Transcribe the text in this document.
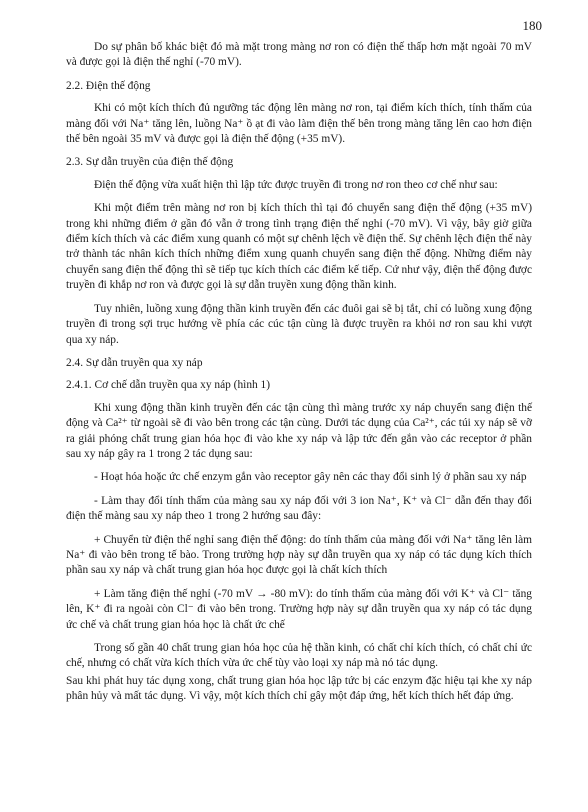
180

Do sự phân bố khác biệt đó mà mặt trong màng nơ ron có điện thế thấp hơn mặt ngoài 70 mV và được gọi là điện thế nghỉ (-70 mV).

2.2. Điện thế động

Khi có một kích thích đủ ngưỡng tác động lên màng nơ ron, tại điểm kích thích, tính thấm của màng đối với Na⁺ tăng lên, luồng Na⁺ ồ ạt đi vào làm điện thế bên trong màng tăng lên cao hơn điện thế bên ngoài 35 mV và được gọi là điện thế động (+35 mV).

2.3. Sự dẫn truyền của điện thế động

Điện thế động vừa xuất hiện thì lập tức được truyền đi trong nơ ron theo cơ chế như sau:

Khi một điểm trên màng nơ ron bị kích thích thì tại đó chuyển sang điện thế động (+35 mV) trong khi những điểm ở gần đó vẫn ở trong tình trạng điện thế nghỉ (-70 mV). Vì vậy, bây giờ giữa điểm kích thích và các điểm xung quanh có một sự chênh lệch về điện thế. Sự chênh lệch điện thế này trở thành tác nhân kích thích những điểm xung quanh chuyển sang điện thế động. Những điểm này chuyển sang điện thế động thì sẽ tiếp tục kích thích các điểm kế tiếp. Cứ như vậy, điện thế động được truyền đi khắp nơ ron và được gọi là sự dẫn truyền xung động thần kinh.

Tuy nhiên, luồng xung động thần kinh truyền đến các đuôi gai sẽ bị tắt, chỉ có luồng xung động truyền đi trong sợi trục hướng về phía các cúc tận cùng là được truyền ra khỏi nơ ron sau khi vượt qua xy náp.

2.4. Sự dẫn truyền qua xy náp

2.4.1. Cơ chế dẫn truyền qua xy náp (hình 1)

Khi xung động thần kinh truyền đến các tận cùng thì màng trước xy náp chuyển sang điện thế động và Ca²⁺ từ ngoài sẽ đi vào bên trong các tận cùng. Dưới tác dụng của Ca²⁺, các túi xy náp sẽ vỡ ra giải phóng chất trung gian hóa học đi vào khe xy náp và lập tức đến gắn vào các receptor ở phần sau xy náp gây ra 1 trong 2 tác dụng sau:

- Hoạt hóa hoặc ức chế enzym gắn vào receptor gây nên các thay đổi sinh lý ở phần sau xy náp

- Làm thay đổi tính thấm của màng sau xy náp đối với 3 ion Na⁺, K⁺ và Cl⁻ dẫn đến thay đổi điện thế màng sau xy náp theo 1 trong 2 hướng sau đây:

+ Chuyển từ điện thế nghỉ sang điện thế động: do tính thấm của màng đối với Na⁺ tăng lên làm Na⁺ đi vào bên trong tế bào. Trong trường hợp này sự dẫn truyền qua xy náp có tác dụng kích thích phần sau xy náp và chất trung gian hóa học được gọi là chất kích thích

+ Làm tăng điện thế nghỉ (-70 mV → -80 mV): do tính thấm của màng đối với K⁺ và Cl⁻ tăng lên, K⁺ đi ra ngoài còn Cl⁻ đi vào bên trong. Trường hợp này sự dẫn truyền qua xy náp có tác dụng ức chế và chất trung gian hóa học là chất ức chế

Trong số gần 40 chất trung gian hóa học của hệ thần kinh, có chất chỉ kích thích, có chất chỉ ức chế, nhưng có chất vừa kích thích vừa ức chế tùy vào loại xy náp mà nó tác dụng.

Sau khi phát huy tác dụng xong, chất trung gian hóa học lập tức bị các enzym đặc hiệu tại khe xy náp phân hủy và mất tác dụng. Vì vậy, một kích thích chỉ gây một đáp ứng, hết kích thích hết đáp ứng.
